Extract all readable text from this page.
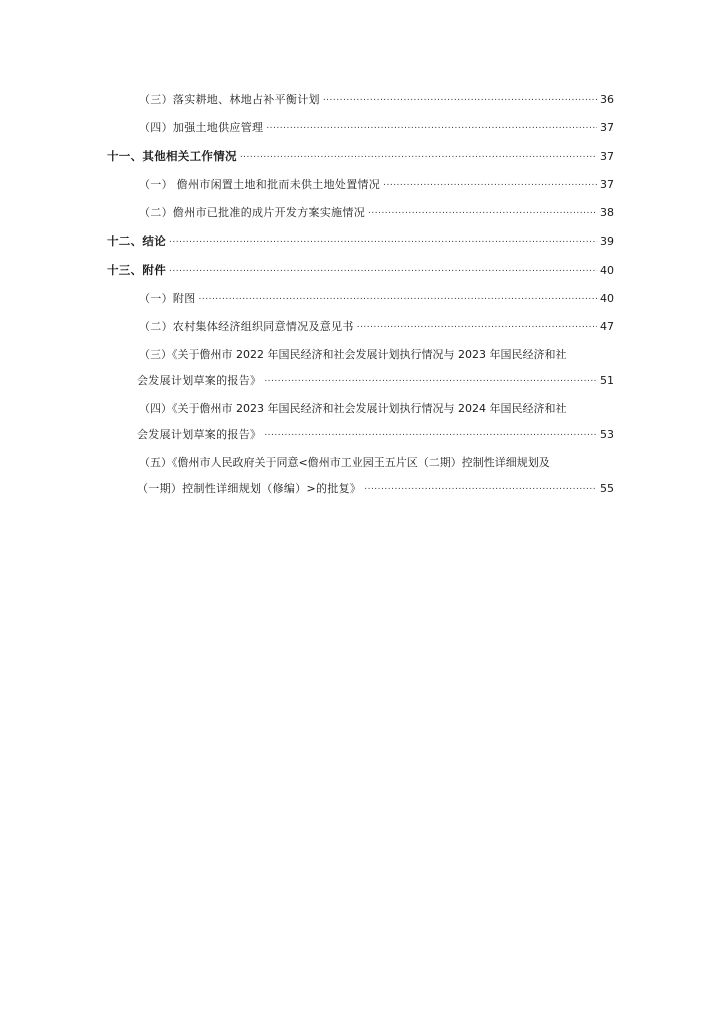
（三）落实耕地、林地占补平衡计划 .....	36
（四）加强土地供应管理 .....	37
十一、其他相关工作情况 .....	37
（一） 儋州市闲置土地和批而未供土地处置情况 .....	37
（二）儋州市已批准的成片开发方案实施情况 .....	38
十二、结论 .....	39
十三、附件 .....	40
（一）附图 .....	40
（二）农村集体经济组织同意情况及意见书 .....	47
（三）《关于儋州市 2022 年国民经济和社会发展计划执行情况与 2023 年国民经济和社
会发展计划草案的报告》 .....	51
（四）《关于儋州市 2023 年国民经济和社会发展计划执行情况与 2024 年国民经济和社
会发展计划草案的报告》 .....	53
（五）《儋州市人民政府关于同意<儋州市工业园王五片区（二期）控制性详细规划及
（一期）控制性详细规划（修编）>的批复》 .....	55
